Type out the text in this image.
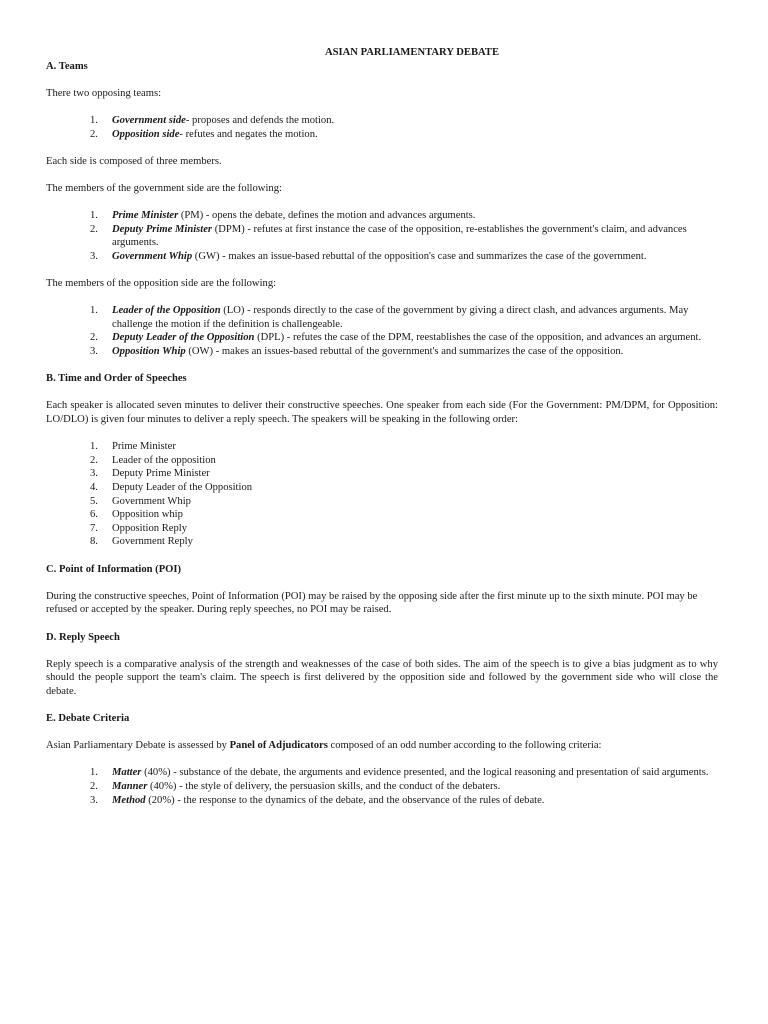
ASIAN PARLIAMENTARY DEBATE

A. Teams

There two opposing teams:

1. Government side- proposes and defends the motion.
2. Opposition side- refutes and negates the motion.

Each side is composed of three members.

The members of the government side are the following:

1. Prime Minister (PM) - opens the debate, defines the motion and advances arguments.
2. Deputy Prime Minister (DPM) - refutes at first instance the case of the opposition, re-establishes the government's claim, and advances arguments.
3. Government Whip (GW) - makes an issue-based rebuttal of the opposition's case and summarizes the case of the government.

The members of the opposition side are the following:

1. Leader of the Opposition (LO) - responds directly to the case of the government by giving a direct clash, and advances arguments. May challenge the motion if the definition is challengeable.
2. Deputy Leader of the Opposition (DPL) - refutes the case of the DPM, reestablishes the case of the opposition, and advances an argument.
3. Opposition Whip (OW) - makes an issues-based rebuttal of the government's and summarizes the case of the opposition.

B. Time and Order of Speeches

Each speaker is allocated seven minutes to deliver their constructive speeches. One speaker from each side (For the Government: PM/DPM, for Opposition: LO/DLO) is given four minutes to deliver a reply speech. The speakers will be speaking in the following order:

1. Prime Minister
2. Leader of the opposition
3. Deputy Prime Minister
4. Deputy Leader of the Opposition
5. Government Whip
6. Opposition whip
7. Opposition Reply
8. Government Reply

C. Point of Information (POI)

During the constructive speeches, Point of Information (POI) may be raised by the opposing side after the first minute up to the sixth minute. POI may be refused or accepted by the speaker. During reply speeches, no POI may be raised.

D. Reply Speech

Reply speech is a comparative analysis of the strength and weaknesses of the case of both sides. The aim of the speech is to give a bias judgment as to why should the people support the team's claim. The speech is first delivered by the opposition side and followed by the government side who will close the debate.

E. Debate Criteria

Asian Parliamentary Debate is assessed by Panel of Adjudicators composed of an odd number according to the following criteria:

1. Matter (40%) - substance of the debate, the arguments and evidence presented, and the logical reasoning and presentation of said arguments.
2. Manner (40%) - the style of delivery, the persuasion skills, and the conduct of the debaters.
3. Method (20%) - the response to the dynamics of the debate, and the observance of the rules of debate.
